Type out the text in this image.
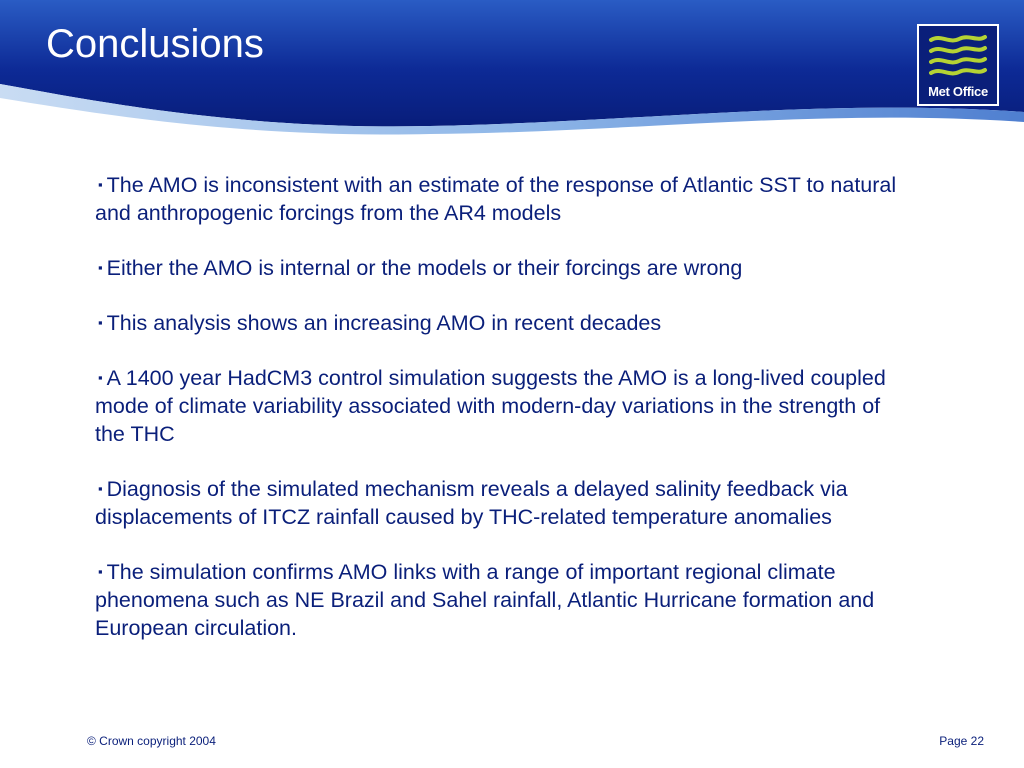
Conclusions
Met Office

▪ The AMO is inconsistent with an estimate of the response of Atlantic SST to natural and anthropogenic forcings from the AR4 models

▪ Either the AMO is internal or the models or their forcings are wrong

▪ This analysis shows an increasing AMO in recent decades

▪ A 1400 year HadCM3 control simulation suggests the AMO is a long-lived coupled mode of climate variability associated with modern-day variations in the strength of the THC

▪ Diagnosis of the simulated mechanism reveals a delayed salinity feedback via displacements of ITCZ rainfall caused by THC-related temperature anomalies

▪ The simulation confirms AMO links with a range of important regional climate phenomena such as NE Brazil and Sahel rainfall, Atlantic Hurricane formation and European circulation.

© Crown copyright 2004	Page 22
